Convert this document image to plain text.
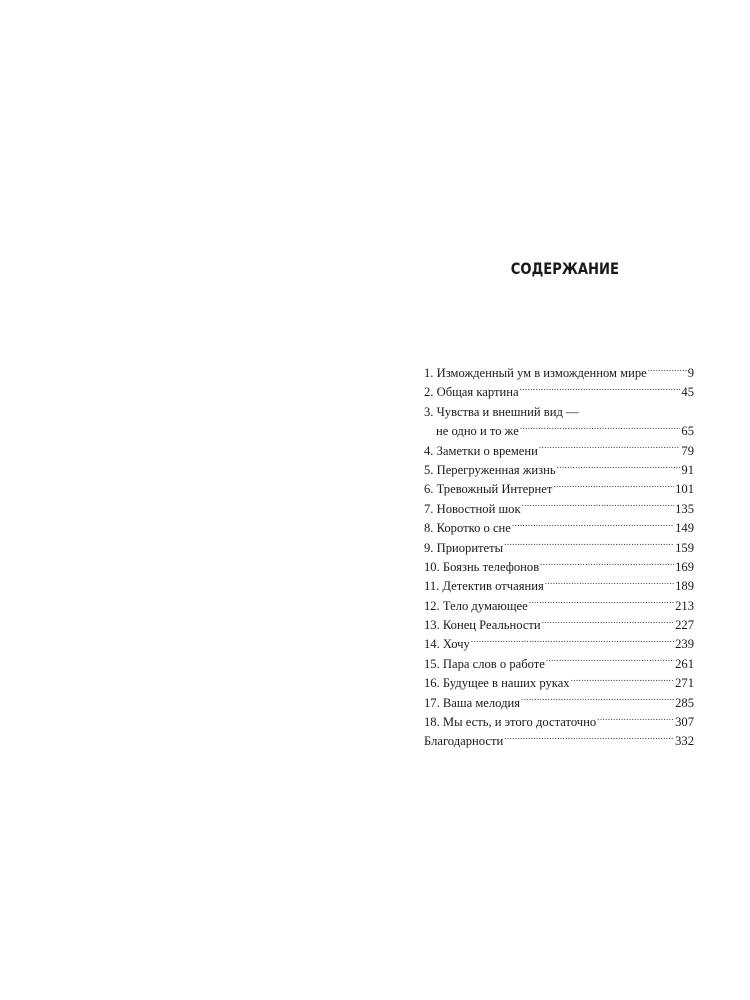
СОДЕРЖАНИЕ
1. Изможденный ум в изможденном мире .....	9
2. Общая картина .....	45
3. Чувства и внешний вид —
не одно и то же .....	65
4. Заметки о времени .....	79
5. Перегруженная жизнь .....	91
6. Тревожный Интернет .....	101
7. Новостной шок .....	135
8. Коротко о сне .....	149
9. Приоритеты .....	159
10. Боязнь телефонов .....	169
11. Детектив отчаяния .....	189
12. Тело думающее .....	213
13. Конец Реальности .....	227
14. Хочу .....	239
15. Пара слов о работе .....	261
16. Будущее в наших руках .....	271
17. Ваша мелодия .....	285
18. Мы есть, и этого достаточно .....	307
Благодарности .....	332
